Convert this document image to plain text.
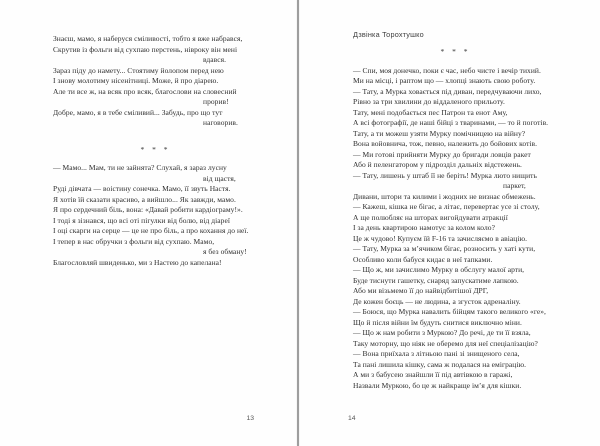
Знаєш, мамо, я наберуся сміливості, тобто я вже набрався,
Скрутив із фольги від сухпаю перстень, нівроку він мені
вдався.
Зараз піду до намету... Стоятиму йолопом перед нею
І знову молотиму нісенітниці. Може, й про діарею.
Але ти все ж, на всяк про всяк, благослови на словесний
прорив!
Добре, мамо, я в тебе сміливий... Забудь, про що тут
наговорив.
* * *
— Мамо... Мам, ти не зайнята? Слухай, я зараз лусну
від щастя,
Руді дівчата — воістину сонечка. Мамо, її звуть Настя.
Я хотів їй сказати красиво, а вийшло... Як завжди, мамо.
Я про сердечний біль, вона: «Давай робити кардіограму!».
І тоді я зізнався, що всі оті пігулки від болю, від діареї
І оці скарги на серце — це не про біль, а про кохання до неї.
І тепер в нас обручки з фольги від сухпаю. Мамо,
я без обману!
Благословляй швиденько, ми з Настею до капелана!
13
Дзвінка Торохтушко
* * *
— Спи, моя донечко, поки є час, небо чисте і вечір тихий.
Ми на місці, і раптом що — хлопці знають свою роботу.
— Тату, а Мурка ховається під диван, передчуваючи лихо,
Рівно за три хвилини до віддаленого прильоту.
Тату, мені подобається пес Патрон та енот Аму,
А всі фотографії, де наші бійці з тваринами, — то й поготів.
Тату, а ти можеш узяти Мурку помічницею на війну?
Вона войовнича, тож, певно, належить до бойових котів.
— Ми готові прийняти Мурку до бригади ловців ракет
Або й пеленгатором у підрозділ дальніх відстежень.
— Тату, лишень у штаб її не беріть! Мурка люто нищить
паркет,
Дивани, штори та килими і жодних не визнає обмежень.
— Кажеш, кішка не бігає, а літає, перевертає усе зі столу,
А ще полюбляє на шторах вигойдувати атракції
І за день квартирою намотує за колом коло?
Це ж чудово! Купуєм їй F-16 та зачисляємо в авіацію.
— Тату, Мурка за м’ячиком бігає, розносить у хаті кути,
Особливо коли бабуся кидає в неї тапками.
— Що ж, ми зачислимо Мурку в обслугу малої арти,
Буде тиснути гашетку, снаряд запускатиме лапкою.
Або ми візьмемо її до найвідбитішої ДРГ,
Де кожен боєць — не людина, а згусток адреналіну.
— Боюся, що Мурка навалить бійцям такого великого «ге»,
Що й після війни їм будуть снитися виключно міни.
— Що ж нам робити з Муркою? До речі, де ти її взяла,
Таку моторну, що ніяк не оберемо для неї спеціалізацію?
— Вона приїхала з літньою пані зі знищеного села,
Та пані лишила кішку, сама ж подалася на еміграцію.
А ми з бабусею знайшли її під автівкою в гаражі,
Назвали Муркою, бо це ж найкраще ім’я для кішки.
14
